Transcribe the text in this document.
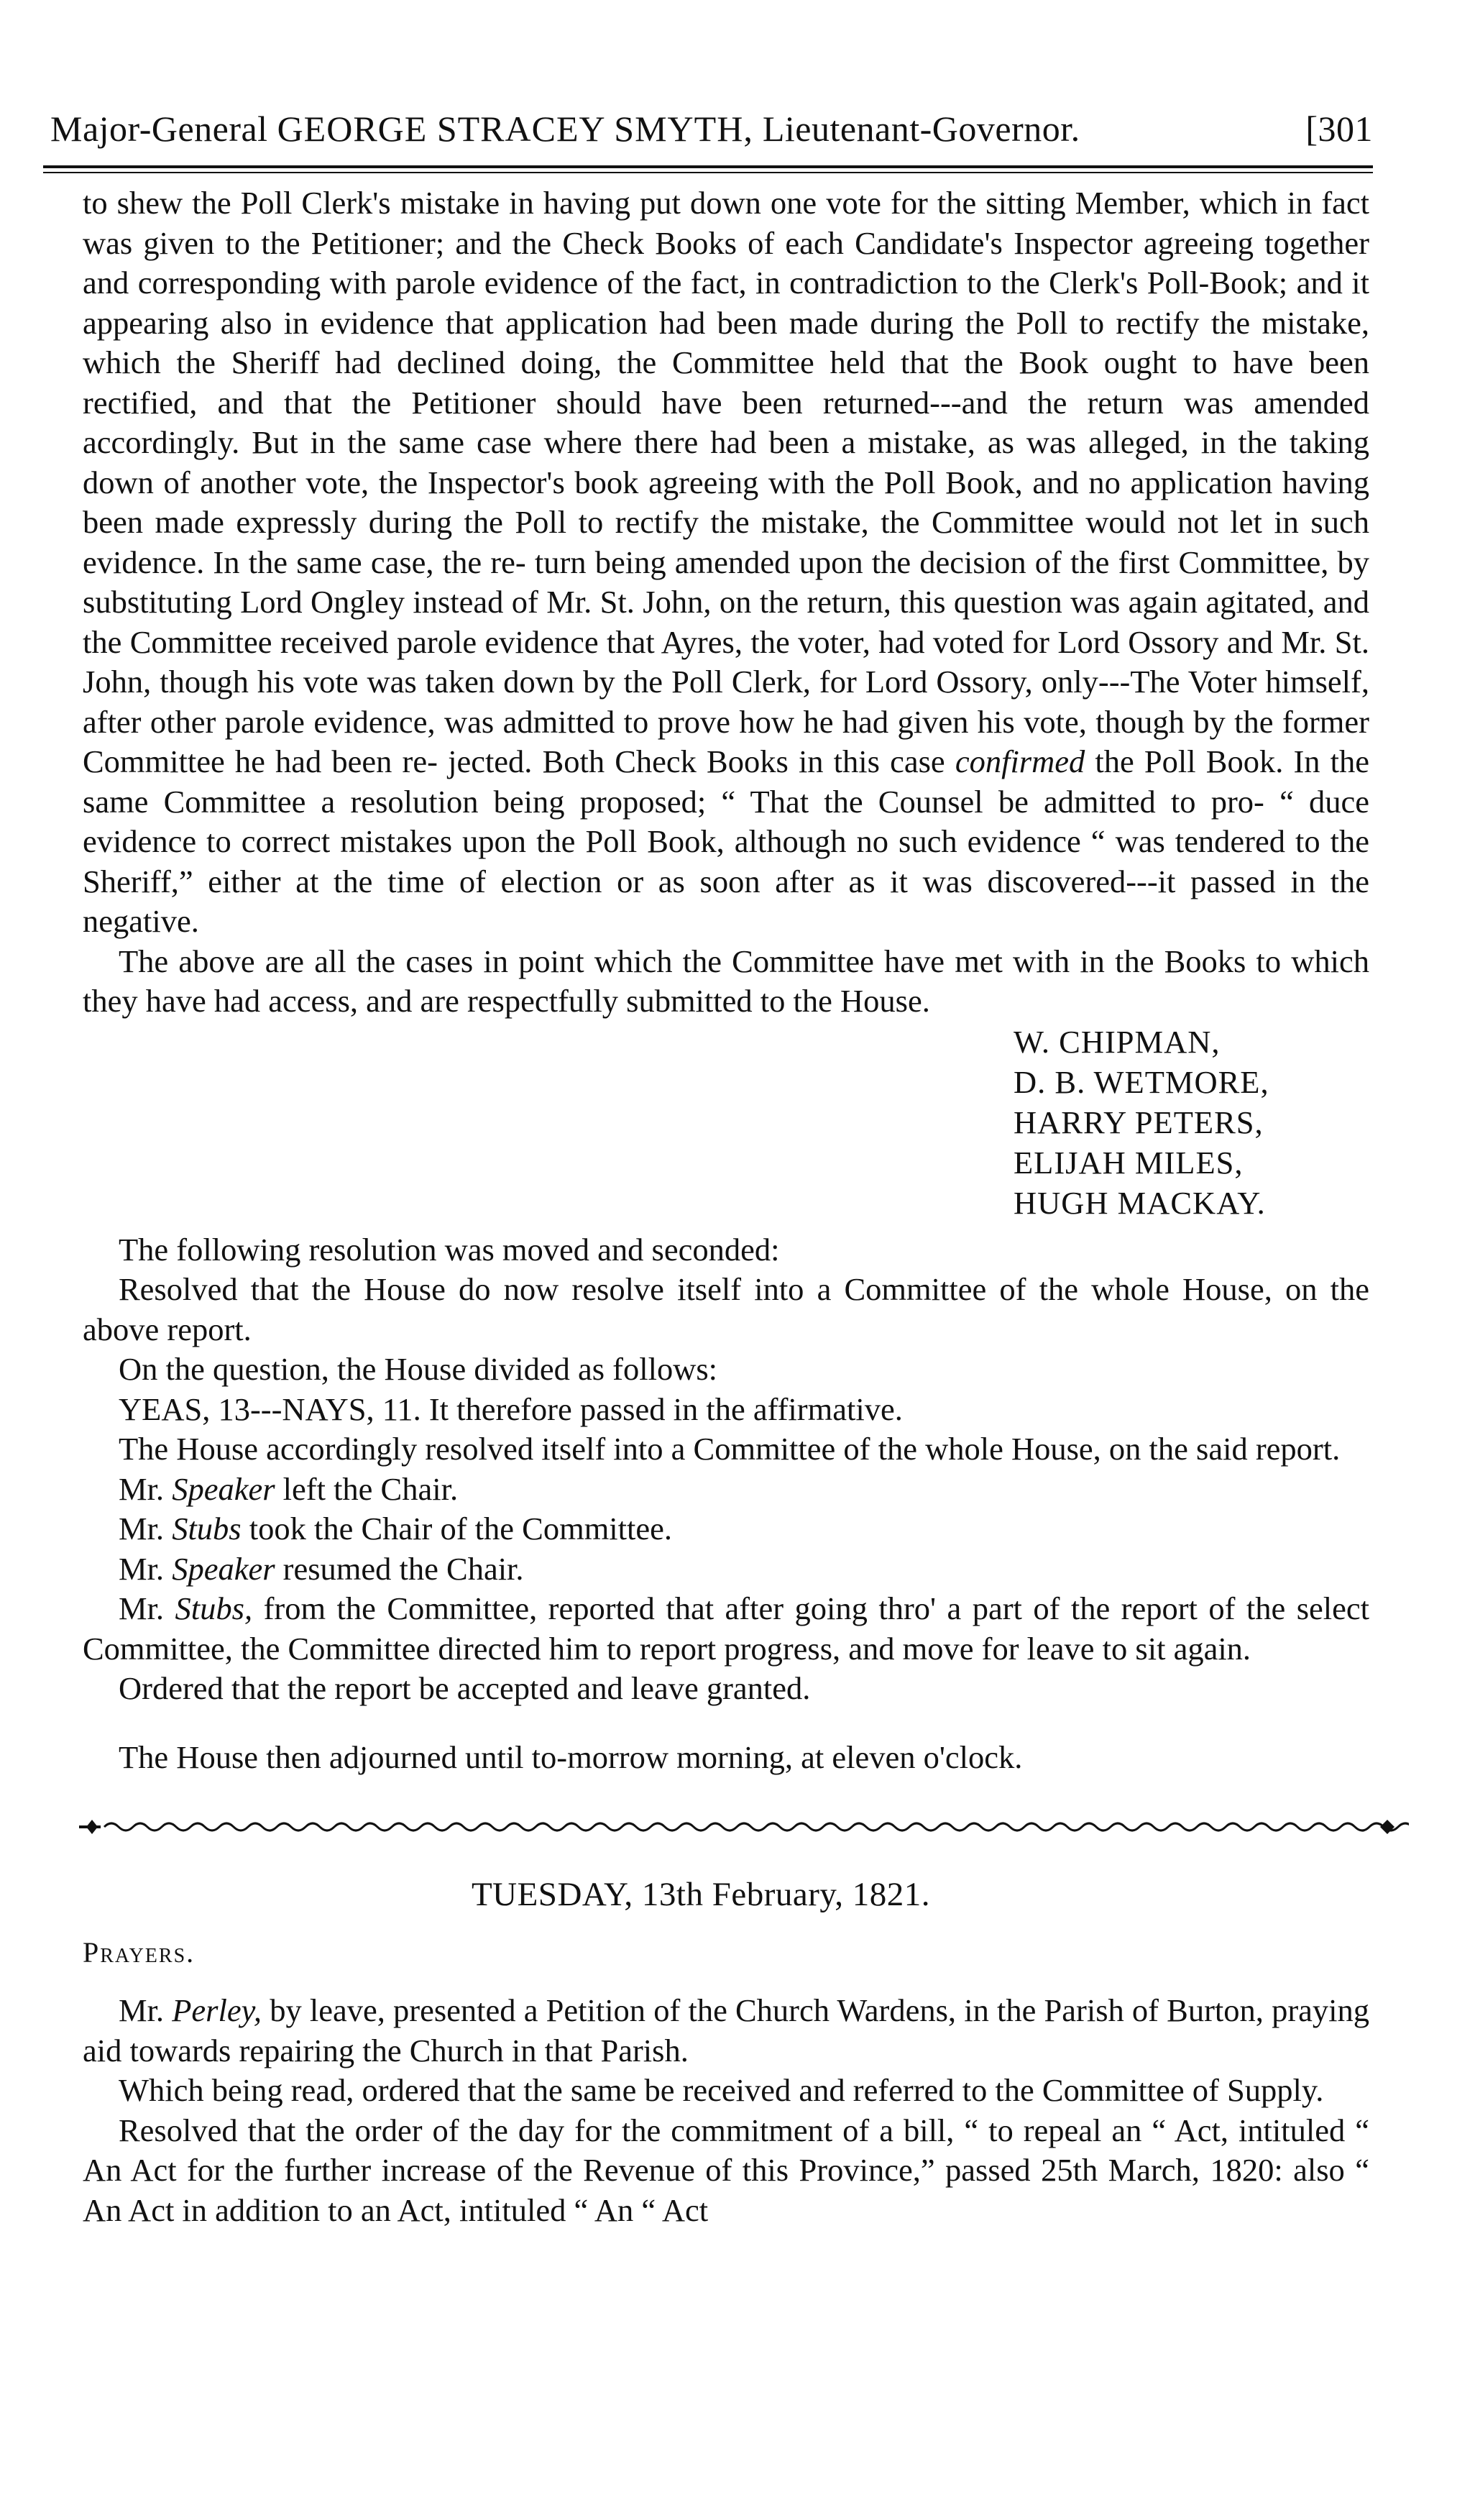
Major-General GEORGE STRACEY SMYTH, Lieutenant-Governor.	[301

to shew the Poll Clerk's mistake in having put down one vote for the sitting Member, which in fact was given to the Petitioner; and the Check Books of each Candidate's Inspector agreeing together and corresponding with parole evidence of the fact, in contradiction to the Clerk's Poll-Book; and it appearing also in evidence that application had been made during the Poll to rectify the mistake, which the Sheriff had declined doing, the Committee held that the Book ought to have been rectified, and that the Petitioner should have been returned---and the return was amended accordingly. But in the same case where there had been a mistake, as was alleged, in the taking down of another vote, the Inspector's book agreeing with the Poll Book, and no application having been made expressly during the Poll to rectify the mistake, the Committee would not let in such evidence. In the same case, the re- turn being amended upon the decision of the first Committee, by substituting Lord Ongley instead of Mr. St. John, on the return, this question was again agitated, and the Committee received parole evidence that Ayres, the voter, had voted for Lord Ossory and Mr. St. John, though his vote was taken down by the Poll Clerk, for Lord Ossory, only---The Voter himself, after other parole evidence, was admitted to prove how he had given his vote, though by the former Committee he had been re- jected. Both Check Books in this case confirmed the Poll Book. In the same Committee a resolution being proposed; “ That the Counsel be admitted to pro- “ duce evidence to correct mistakes upon the Poll Book, although no such evidence “ was tendered to the Sheriff,” either at the time of election or as soon after as it was discovered---it passed in the negative.

The above are all the cases in point which the Committee have met with in the Books to which they have had access, and are respectfully submitted to the House.

W. CHIPMAN,
D. B. WETMORE,
HARRY PETERS,
ELIJAH MILES,
HUGH MACKAY.

The following resolution was moved and seconded:

Resolved that the House do now resolve itself into a Committee of the whole House, on the above report.

On the question, the House divided as follows:

YEAS, 13---NAYS, 11. It therefore passed in the affirmative.

The House accordingly resolved itself into a Committee of the whole House, on the said report.

Mr. Speaker left the Chair.

Mr. Stubs took the Chair of the Committee.

Mr. Speaker resumed the Chair.

Mr. Stubs, from the Committee, reported that after going thro' a part of the report of the select Committee, the Committee directed him to report progress, and move for leave to sit again.

Ordered that the report be accepted and leave granted.

The House then adjourned until to-morrow morning, at eleven o'clock.

TUESDAY, 13th February, 1821.
Prayers.

Mr. Perley, by leave, presented a Petition of the Church Wardens, in the Parish of Burton, praying aid towards repairing the Church in that Parish.

Which being read, ordered that the same be received and referred to the Committee of Supply.

Resolved that the order of the day for the commitment of a bill, “ to repeal an “ Act, intituled “ An Act for the further increase of the Revenue of this Province,” passed 25th March, 1820: also “ An Act in addition to an Act, intituled “ An “ Act
